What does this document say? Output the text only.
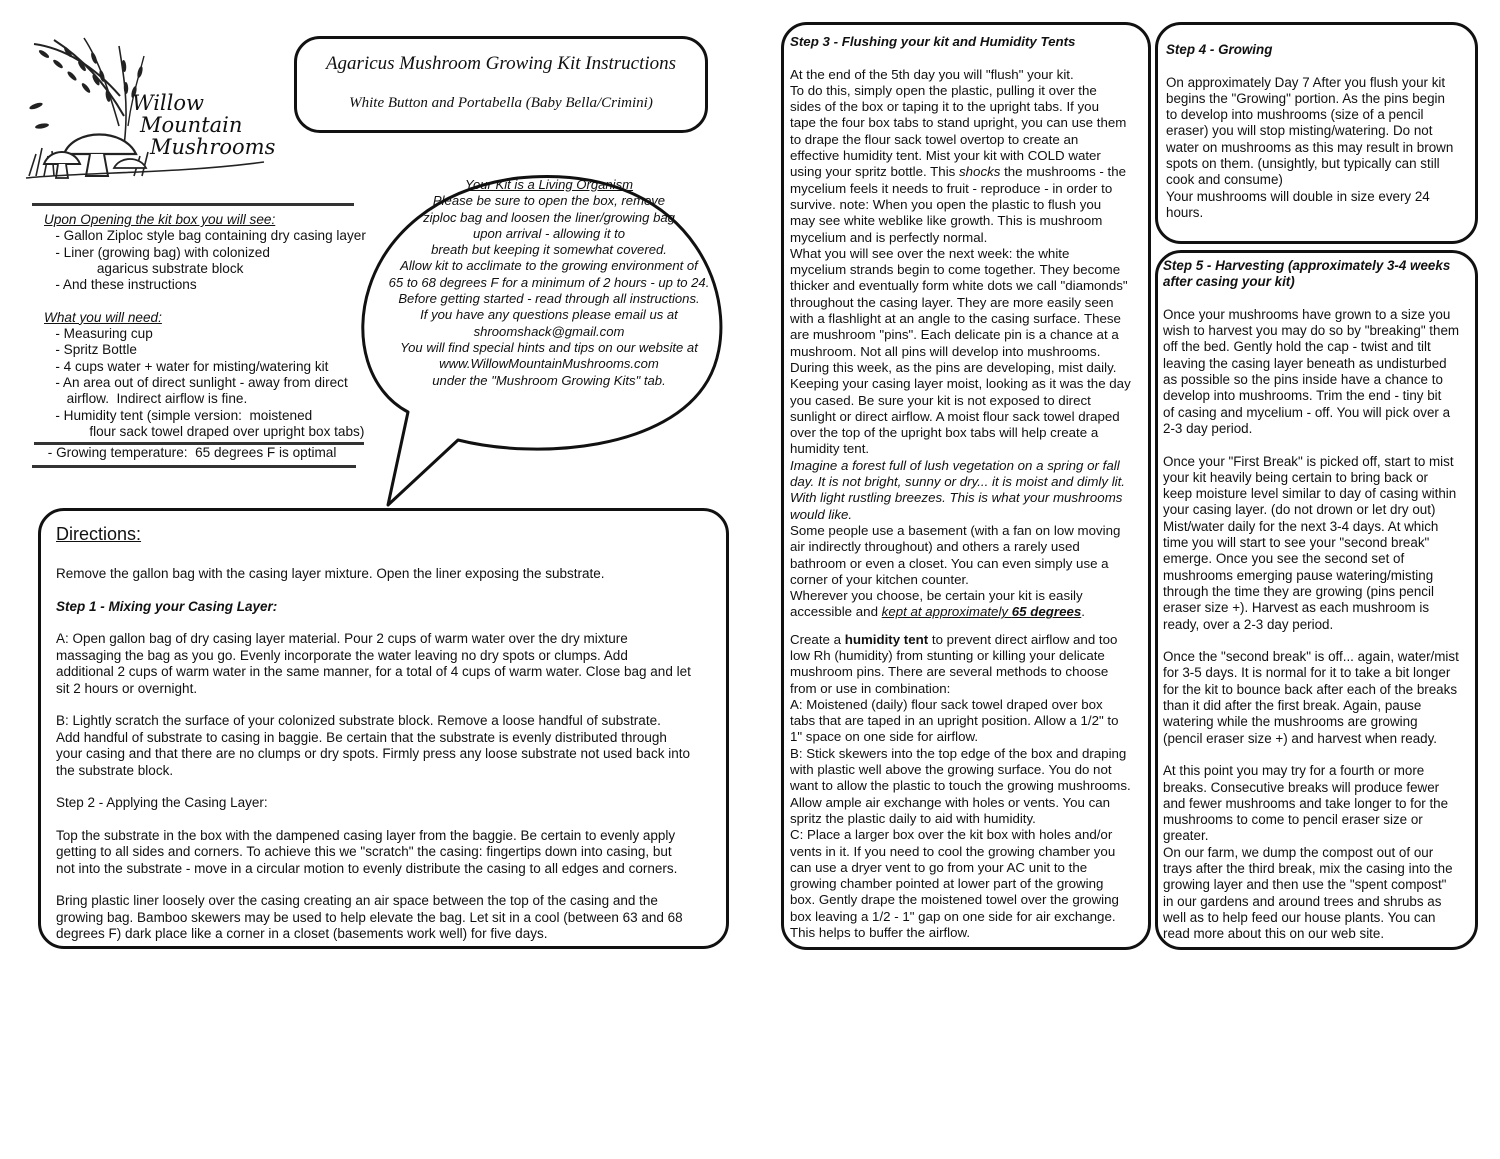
Willow
Mountain
Mushrooms
Agaricus Mushroom Growing Kit Instructions
White Button and Portabella (Baby Bella/Crimini)
Upon Opening the kit box you will see:
- Gallon Ziploc style bag containing dry casing layer
- Liner (growing bag) with colonized
agaricus substrate block
- And these instructions
What you will need:
- Measuring cup
- Spritz Bottle
- 4 cups water + water for misting/watering kit
- An area out of direct sunlight - away from direct
airflow.  Indirect airflow is fine.
- Humidity tent (simple version:  moistened
flour sack towel draped over upright box tabs)
- Growing temperature:  65 degrees F is optimal
Your Kit is a Living Organism
Please be sure to open the box, remove
ziploc bag and loosen the liner/growing bag
upon arrival - allowing it to
breath but keeping it somewhat covered.
Allow kit to acclimate to the growing environment of
65 to 68 degrees F for a minimum of 2 hours - up to 24.
Before getting started - read through all instructions.
If you have any questions please email us at
shroomshack@gmail.com
You will find special hints and tips on our website at
www.WillowMountainMushrooms.com
under the "Mushroom Growing Kits" tab.
Directions:

Remove the gallon bag with the casing layer mixture. Open the liner exposing the substrate.

Step 1 - Mixing your Casing Layer:

A: Open gallon bag of dry casing layer material. Pour 2 cups of warm water over the dry mixture
massaging the bag as you go. Evenly incorporate the water leaving no dry spots or clumps. Add
additional 2 cups of warm water in the same manner, for a total of 4 cups of warm water. Close bag and let
sit 2 hours or overnight.

B: Lightly scratch the surface of your colonized substrate block. Remove a loose handful of substrate.
Add handful of substrate to casing in baggie. Be certain that the substrate is evenly distributed through
your casing and that there are no clumps or dry spots. Firmly press any loose substrate not used back into
the substrate block.

Step 2 - Applying the Casing Layer:

Top the substrate in the box with the dampened casing layer from the baggie. Be certain to evenly apply
getting to all sides and corners. To achieve this we "scratch" the casing: fingertips down into casing, but
not into the substrate - move in a circular motion to evenly distribute the casing to all edges and corners.

Bring plastic liner loosely over the casing creating an air space between the top of the casing and the
growing bag. Bamboo skewers may be used to help elevate the bag. Let sit in a cool (between 63 and 68
degrees F) dark place like a corner in a closet (basements work well) for five days.

Step 3 - Flushing your kit and Humidity Tents

At the end of the 5th day you will "flush" your kit.
To do this, simply open the plastic, pulling it over the
sides of the box or taping it to the upright tabs. If you
tape the four box tabs to stand upright, you can use them
to drape the flour sack towel overtop to create an
effective humidity tent. Mist your kit with COLD water
using your spritz bottle. This shocks the mushrooms - the
mycelium feels it needs to fruit - reproduce - in order to
survive. note: When you open the plastic to flush you
may see white weblike like growth. This is mushroom
mycelium and is perfectly normal.
What you will see over the next week: the white
mycelium strands begin to come together. They become
thicker and eventually form white dots we call "diamonds"
throughout the casing layer. They are more easily seen
with a flashlight at an angle to the casing surface. These
are mushroom "pins". Each delicate pin is a chance at a
mushroom. Not all pins will develop into mushrooms.
During this week, as the pins are developing, mist daily.
Keeping your casing layer moist, looking as it was the day
you cased. Be sure your kit is not exposed to direct
sunlight or direct airflow. A moist flour sack towel draped
over the top of the upright box tabs will help create a
humidity tent.

Imagine a forest full of lush vegetation on a spring or fall
day. It is not bright, sunny or dry... it is moist and dimly lit.
With light rustling breezes. This is what your mushrooms
would like.

Some people use a basement (with a fan on low moving
air indirectly throughout) and others a rarely used
bathroom or even a closet. You can even simply use a
corner of your kitchen counter.
Wherever you choose, be certain your kit is easily
accessible and kept at approximately 65 degrees.

Create a humidity tent to prevent direct airflow and too
low Rh (humidity) from stunting or killing your delicate
mushroom pins. There are several methods to choose
from or use in combination:
A: Moistened (daily) flour sack towel draped over box
tabs that are taped in an upright position. Allow a 1/2" to
1" space on one side for airflow.
B: Stick skewers into the top edge of the box and draping
with plastic well above the growing surface. You do not
want to allow the plastic to touch the growing mushrooms.
Allow ample air exchange with holes or vents. You can
spritz the plastic daily to aid with humidity.
C: Place a larger box over the kit box with holes and/or
vents in it. If you need to cool the growing chamber you
can use a dryer vent to go from your AC unit to the
growing chamber pointed at lower part of the growing
box. Gently drape the moistened towel over the growing
box leaving a 1/2 - 1" gap on one side for air exchange.
This helps to buffer the airflow.

Step 4 - Growing

On approximately Day 7 After you flush your kit
begins the "Growing" portion. As the pins begin
to develop into mushrooms (size of a pencil
eraser) you will stop misting/watering. Do not
water on mushrooms as this may result in brown
spots on them. (unsightly, but typically can still
cook and consume)
Your mushrooms will double in size every 24
hours.

Step 5 - Harvesting (approximately 3-4 weeks
after casing your kit)

Once your mushrooms have grown to a size you
wish to harvest you may do so by "breaking" them
off the bed. Gently hold the cap - twist and tilt
leaving the casing layer beneath as undisturbed
as possible so the pins inside have a chance to
develop into mushrooms. Trim the end - tiny bit
of casing and mycelium - off. You will pick over a
2-3 day period.

Once your "First Break" is picked off, start to mist
your kit heavily being certain to bring back or
keep moisture level similar to day of casing within
your casing layer. (do not drown or let dry out)
Mist/water daily for the next 3-4 days. At which
time you will start to see your "second break"
emerge. Once you see the second set of
mushrooms emerging pause watering/misting
through the time they are growing (pins pencil
eraser size +). Harvest as each mushroom is
ready, over a 2-3 day period.

Once the "second break" is off... again, water/mist
for 3-5 days. It is normal for it to take a bit longer
for the kit to bounce back after each of the breaks
than it did after the first break. Again, pause
watering while the mushrooms are growing
(pencil eraser size +) and harvest when ready.

At this point you may try for a fourth or more
breaks. Consecutive breaks will produce fewer
and fewer mushrooms and take longer to for the
mushrooms to come to pencil eraser size or
greater.
On our farm, we dump the compost out of our
trays after the third break, mix the casing into the
growing layer and then use the "spent compost"
in our gardens and around trees and shrubs as
well as to help feed our house plants. You can
read more about this on our web site.
